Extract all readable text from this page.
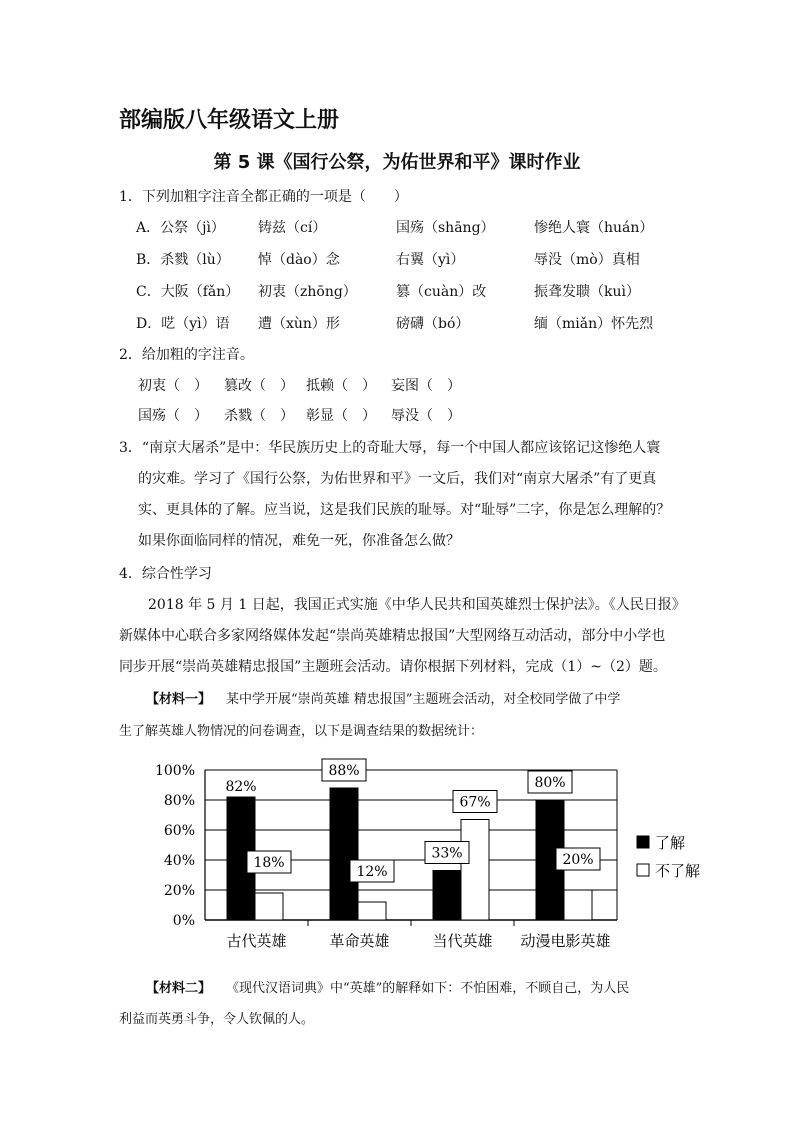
部编版八年级语文上册
第 5 课《国行公祭，为佑世界和平》课时作业
1．下列加粗字注音全都正确的一项是（　　）
A．公祭（jì） 铸兹（cí）	国殇（shāng）	惨绝人寰（huán）
B．杀戮（lù） 悼（dào）念	右翼（yì）	辱没（mò）真相
C．大阪（fǎn） 初衷（zhōng）	篡（cuàn）改	振聋发聩（kuì）
D．呓（yì）语 遭（xùn）形	磅礴（bó）	缅（miǎn）怀先烈
2．给加粗的字注音。
初衷（　） 篡改（　） 抵赖（　） 妄图（　）
国殇（　） 杀戮（　） 彰显（　） 辱没（　）
3．“南京大屠杀”是中：华民族历史上的奇耻大辱，每一个中国人都应该铭记这惨绝人寰
的灾难。学习了《国行公祭，为佑世界和平》一文后，我们对“南京大屠杀”有了更真
实、更具体的了解。应当说，这是我们民族的耻辱。对“耻辱”二字，你是怎么理解的？
如果你面临同样的情况，难免一死，你准备怎么做？
4．综合性学习
2018 年 5 月 1 日起，我国正式实施《中华人民共和国英雄烈士保护法》。《人民日报》
新媒体中心联合多家网络媒体发起“崇尚英雄精忠报国”大型网络互动活动，部分中小学也
同步开展“崇尚英雄精忠报国”主题班会活动。请你根据下列材料，完成（1）~（2）题。
【材料一】 某中学开展“崇尚英雄 精忠报国”主题班会活动，对全校同学做了中学
生了解英雄人物情况的问卷调查，以下是调查结果的数据统计：
0%
20%
40%
60%
80%
100%
82%
18%
古代英雄
88%
12%
革命英雄
33%
67%
当代英雄
80%
20%
动漫电影英雄
了解
不了解
【材料二】 《现代汉语词典》中“英雄”的解释如下：不怕困难，不顾自己，为人民
利益而英勇斗争，令人钦佩的人。
